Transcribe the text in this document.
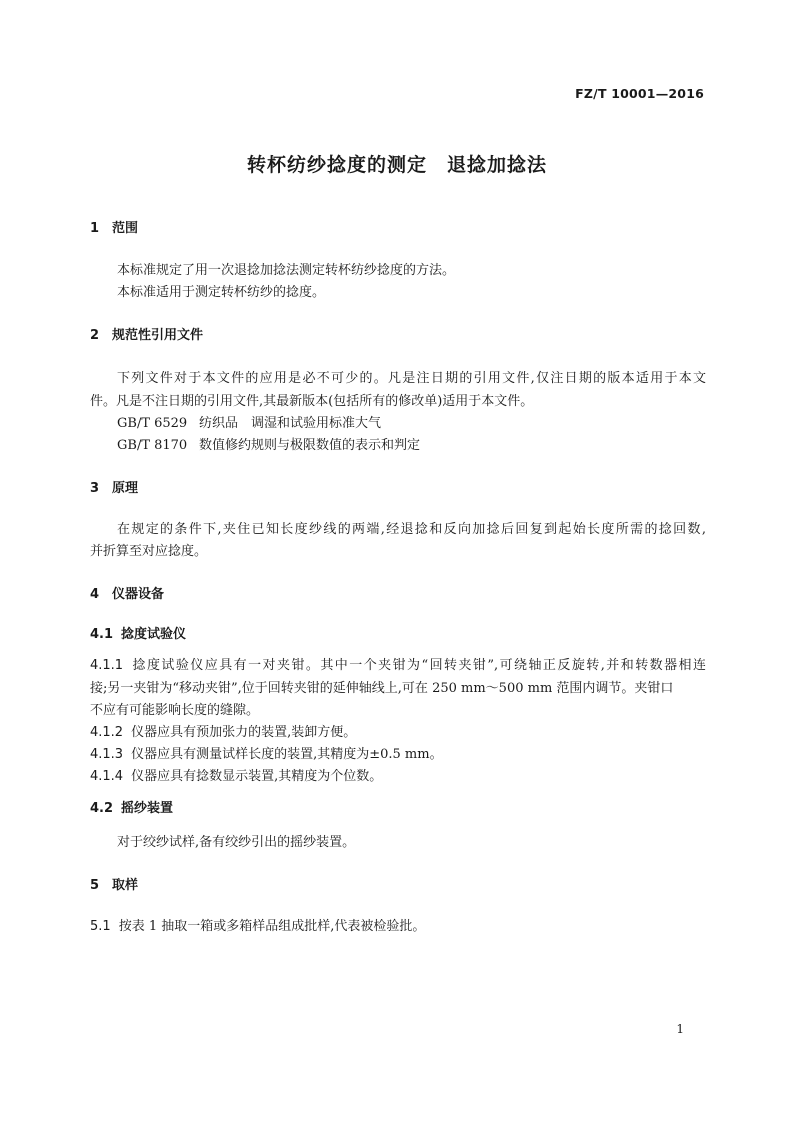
FZ/T 10001—2016
转杯纺纱捻度的测定　退捻加捻法
1 范围
本标准规定了用一次退捻加捻法测定转杯纺纱捻度的方法。
本标准适用于测定转杯纺纱的捻度。
2 规范性引用文件
下列文件对于本文件的应用是必不可少的。凡是注日期的引用文件,仅注日期的版本适用于本文
件。凡是不注日期的引用文件,其最新版本(包括所有的修改单)适用于本文件。
GB/T 6529 纺织品　调湿和试验用标准大气
GB/T 8170 数值修约规则与极限数值的表示和判定
3 原理
在规定的条件下,夹住已知长度纱线的两端,经退捻和反向加捻后回复到起始长度所需的捻回数,
并折算至对应捻度。
4 仪器设备
4.1 捻度试验仪
4.1.1 捻度试验仪应具有一对夹钳。其中一个夹钳为“回转夹钳”,可绕轴正反旋转,并和转数器相连
接;另一夹钳为“移动夹钳”,位于回转夹钳的延伸轴线上,可在 250 mm～500 mm 范围内调节。夹钳口
不应有可能影响长度的缝隙。
4.1.2 仪器应具有预加张力的装置,装卸方便。
4.1.3 仪器应具有测量试样长度的装置,其精度为±0.5 mm。
4.1.4 仪器应具有捻数显示装置,其精度为个位数。
4.2 摇纱装置
对于绞纱试样,备有绞纱引出的摇纱装置。
5 取样
5.1 按表 1 抽取一箱或多箱样品组成批样,代表被检验批。
1
